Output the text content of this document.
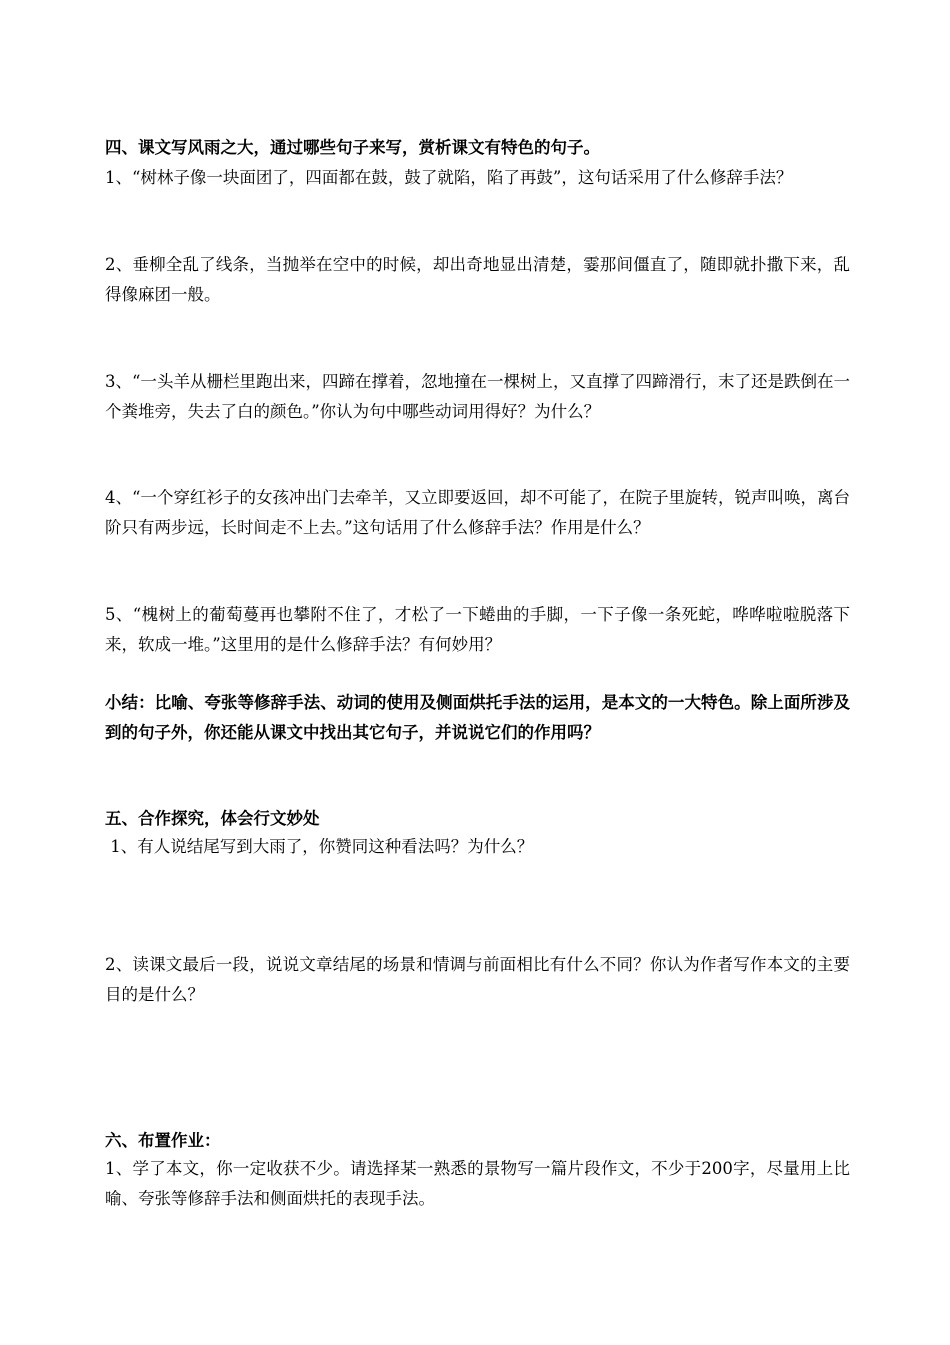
四、课文写风雨之大，通过哪些句子来写，赏析课文有特色的句子。
1、“树林子像一块面团了，四面都在鼓，鼓了就陷，陷了再鼓”，这句话采用了什么修辞手法？
2、垂柳全乱了线条，当抛举在空中的时候，却出奇地显出清楚，霎那间僵直了，随即就扑撒下来，乱得像麻团一般。
3、“一头羊从栅栏里跑出来，四蹄在撑着，忽地撞在一棵树上，又直撑了四蹄滑行，末了还是跌倒在一个粪堆旁，失去了白的颜色。”你认为句中哪些动词用得好？为什么？
4、“一个穿红衫子的女孩冲出门去牵羊，又立即要返回，却不可能了，在院子里旋转，锐声叫唤，离台阶只有两步远，长时间走不上去。”这句话用了什么修辞手法？作用是什么？
5、“槐树上的葡萄蔓再也攀附不住了，才松了一下蜷曲的手脚，一下子像一条死蛇，哗哗啦啦脱落下来，软成一堆。”这里用的是什么修辞手法？有何妙用？
小结：比喻、夸张等修辞手法、动词的使用及侧面烘托手法的运用，是本文的一大特色。除上面所涉及到的句子外，你还能从课文中找出其它句子，并说说它们的作用吗？
五、合作探究，体会行文妙处
1、有人说结尾写到大雨了，你赞同这种看法吗？为什么？
2、读课文最后一段，说说文章结尾的场景和情调与前面相比有什么不同？你认为作者写作本文的主要目的是什么？
六、布置作业：
1、学了本文，你一定收获不少。请选择某一熟悉的景物写一篇片段作文，不少于200字，尽量用上比喻、夸张等修辞手法和侧面烘托的表现手法。
